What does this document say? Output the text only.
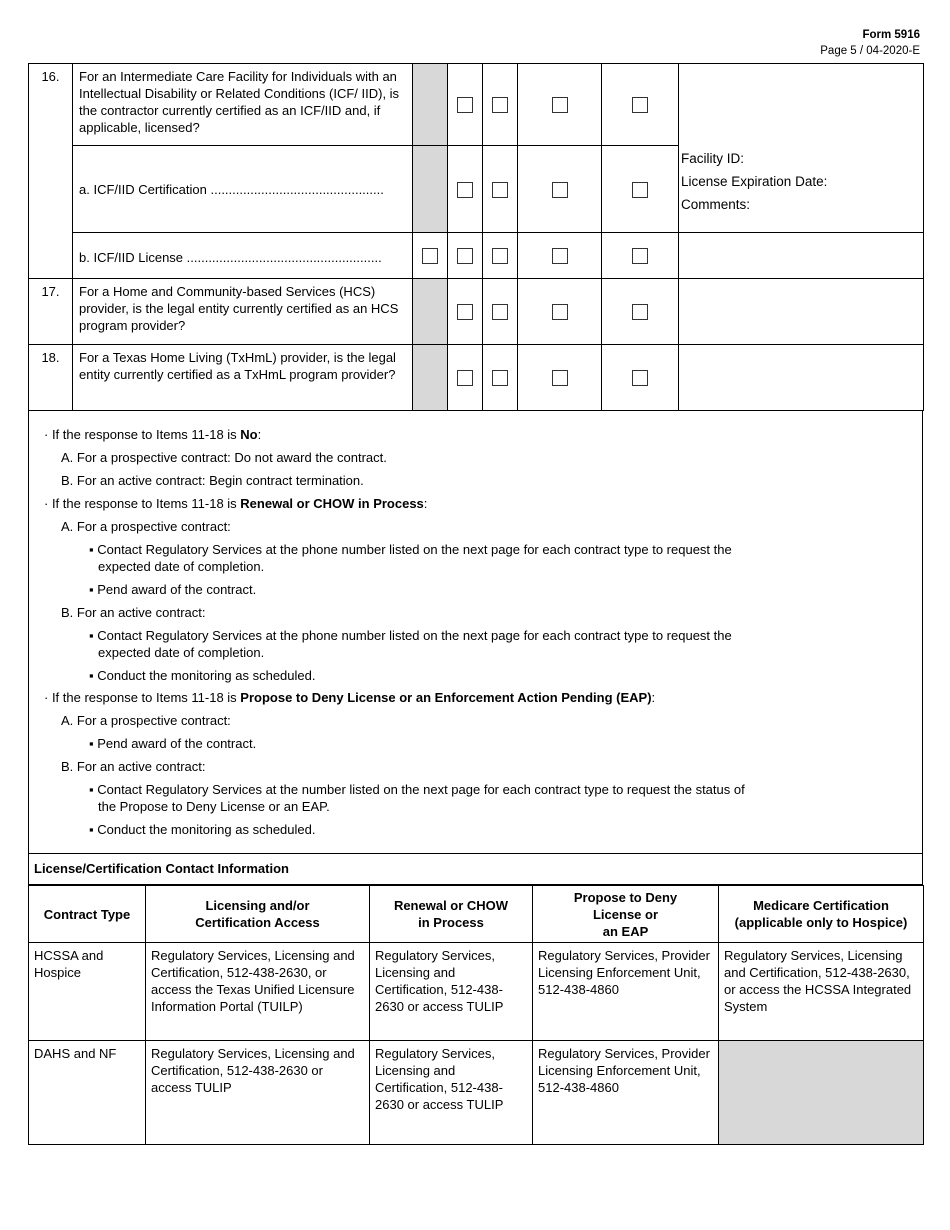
Form 5916
Page 5 / 04-2020-E
16.	For an Intermediate Care Facility for Individuals with an Intellectual Disability or Related Conditions (ICF/ IID), is the contractor currently certified as an ICF/IID and, if applicable, licensed?						Facility ID:
License Expiration Date:
Comments:

	a. ICF/IID Certification ................................................						
	b. ICF/IID License ......................................................						
17.	For a Home and Community-based Services (HCS) provider, is the legal entity currently certified as an HCS program provider?						
18.	For a Texas Home Living (TxHmL) provider, is the legal entity currently certified as a TxHmL program provider?						
· If the response to Items 11-18 is No:
A. For a prospective contract: Do not award the contract.
B. For an active contract: Begin contract termination.
· If the response to Items 11-18 is Renewal or CHOW in Process:
A. For a prospective contract:
▪ Contact Regulatory Services at the phone number listed on the next page for each contract type to request the
expected date of completion.
▪ Pend award of the contract.
B. For an active contract:
▪ Contact Regulatory Services at the phone number listed on the next page for each contract type to request the
expected date of completion.
▪ Conduct the monitoring as scheduled.
· If the response to Items 11-18 is Propose to Deny License or an Enforcement Action Pending (EAP):
A. For a prospective contract:
▪ Pend award of the contract.
B. For an active contract:
▪ Contact Regulatory Services at the number listed on the next page for each contract type to request the status of
the Propose to Deny License or an EAP.
▪ Conduct the monitoring as scheduled.
License/Certification Contact Information
Contract Type	Licensing and/or Certification Access	Renewal or CHOW in Process	Propose to Deny
License or
an EAP	Medicare Certification (applicable only to Hospice)
HCSSA and Hospice	Regulatory Services, Licensing and Certification, 512-438-2630, or access the Texas Unified Licensure Information Portal (TUILP)	Regulatory Services, Licensing and Certification, 512-438-2630 or access TULIP	Regulatory Services, Provider Licensing Enforcement Unit, 512-438-4860	Regulatory Services, Licensing and Certification, 512-438-2630, or access the HCSSA Integrated System
DAHS and NF	Regulatory Services, Licensing and Certification, 512-438-2630 or access TULIP	Regulatory Services, Licensing and Certification, 512-438-2630 or access TULIP	Regulatory Services, Provider Licensing Enforcement Unit, 512-438-4860	
